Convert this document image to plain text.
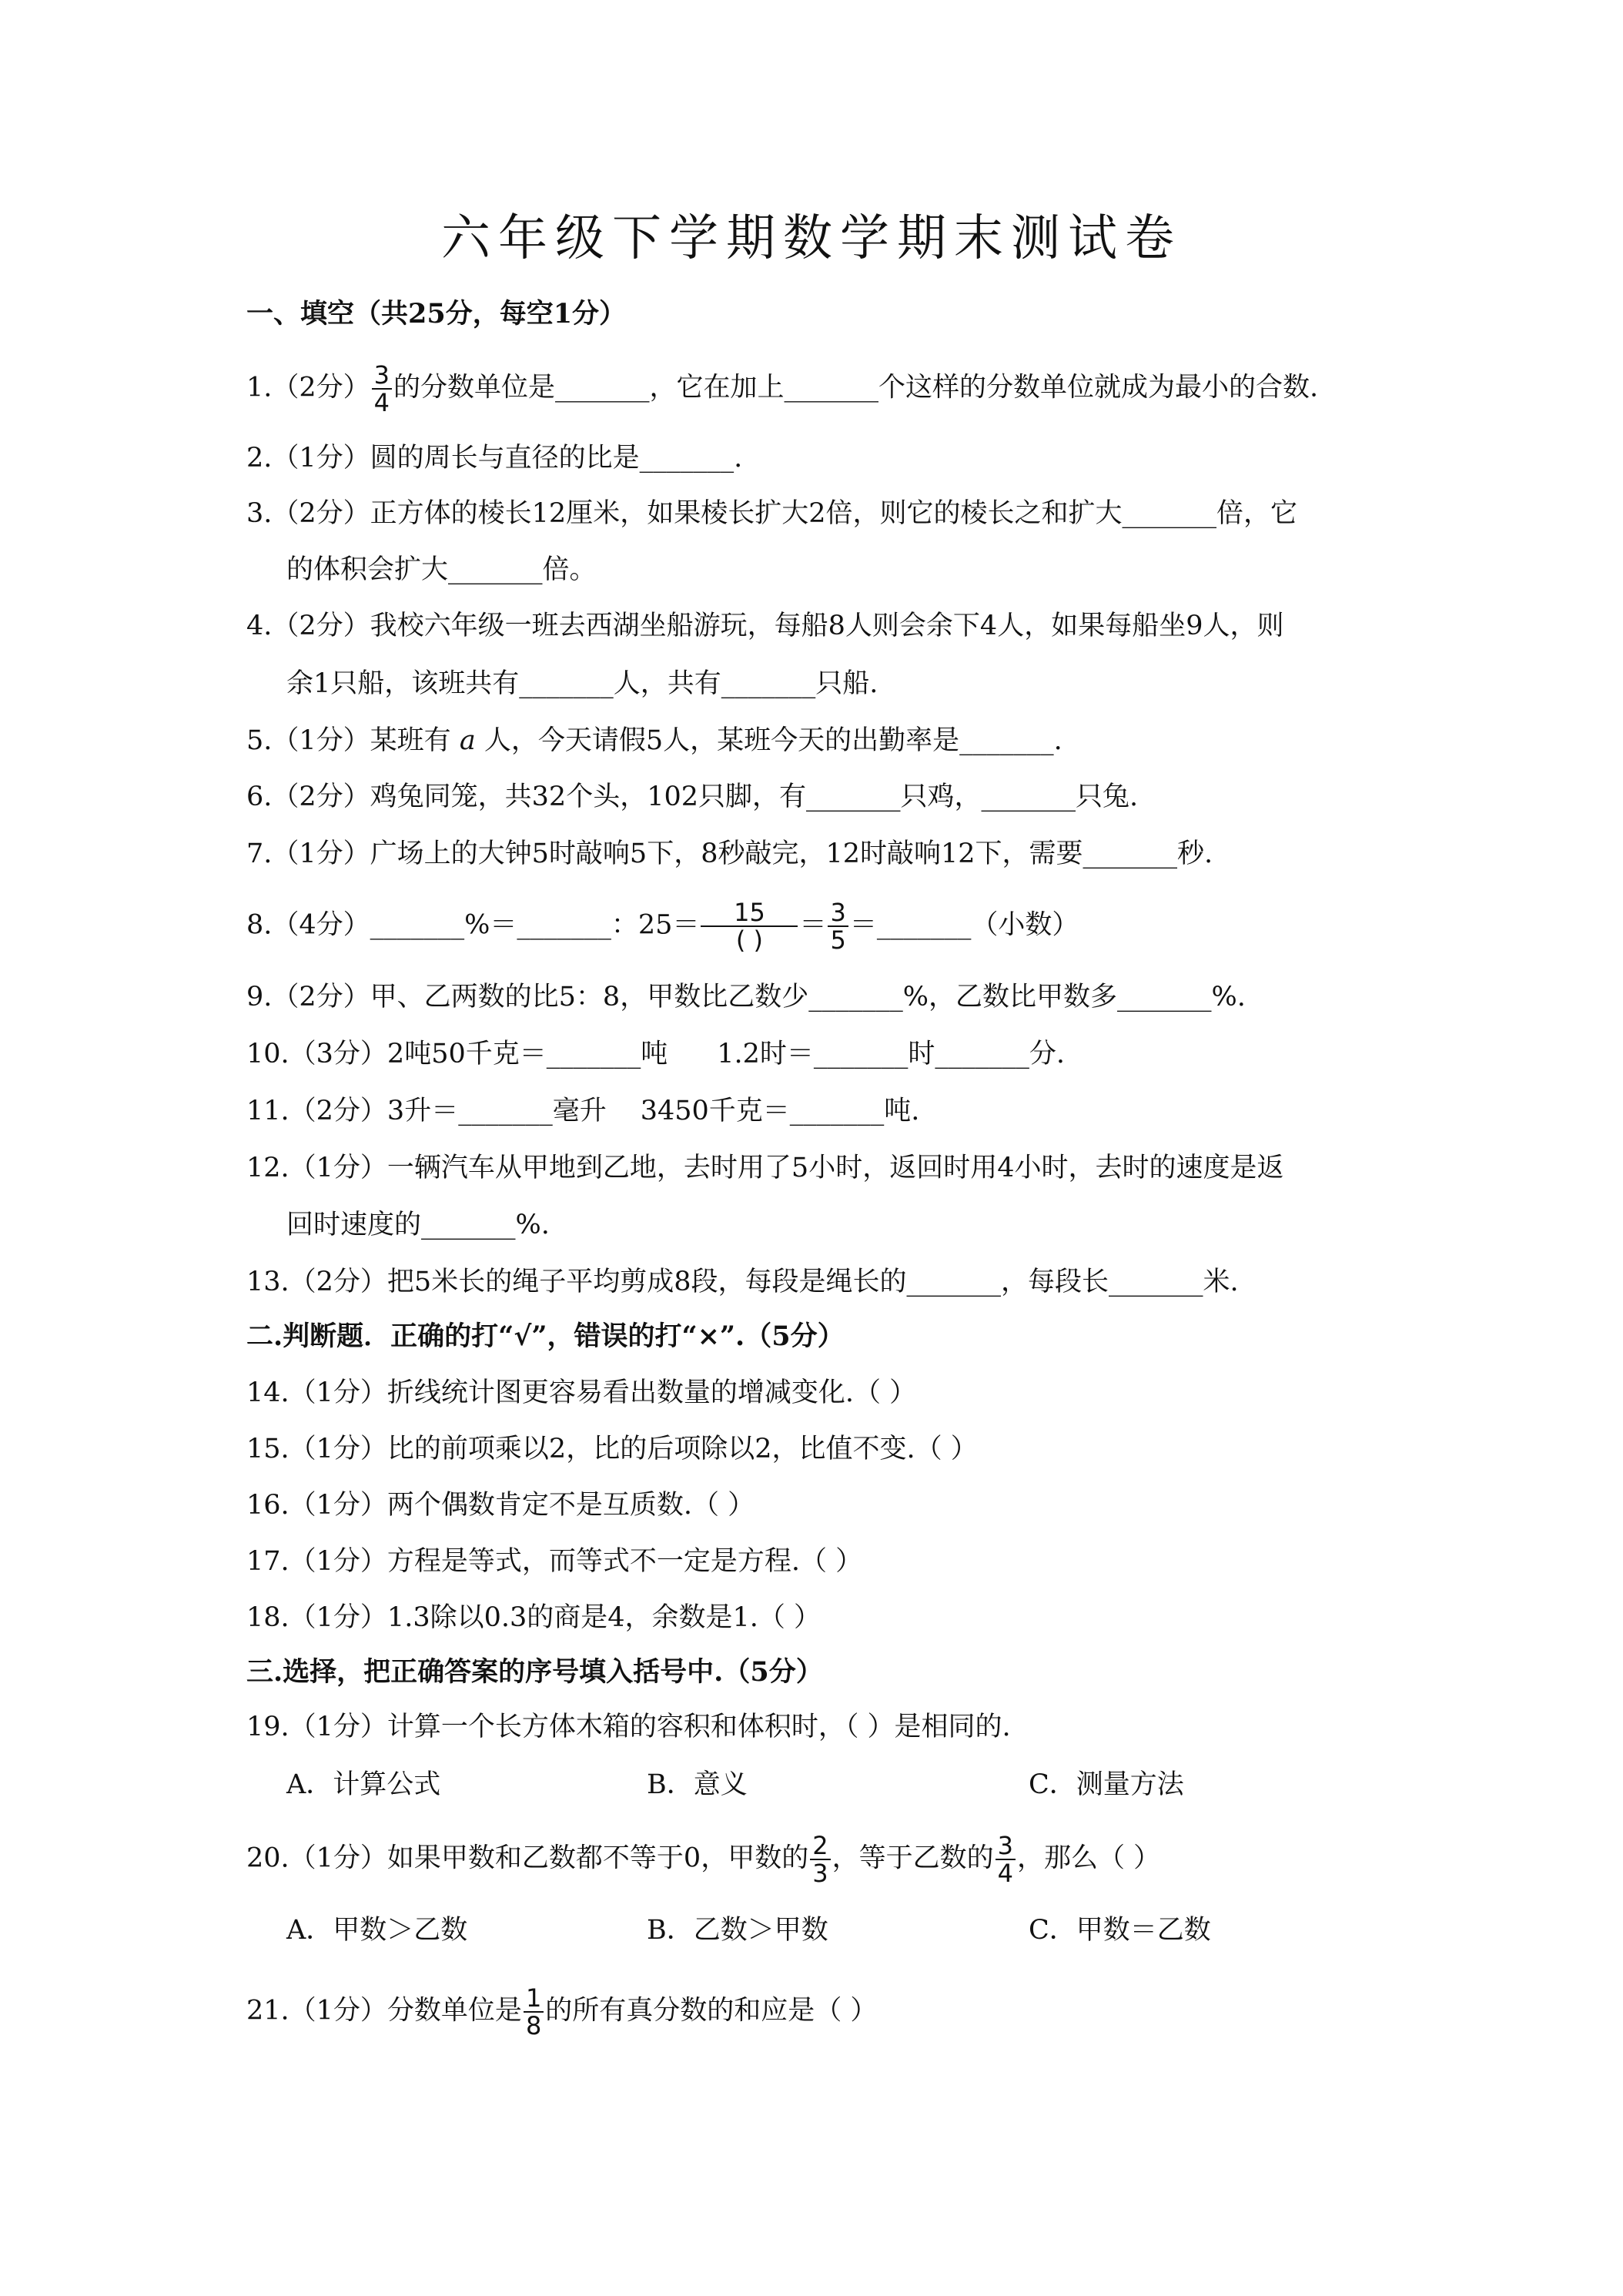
六年级下学期数学期末测试卷
一、填空（共25分，每空1分）
1.（2分） $\frac{3}{4}$ 的分数单位是_______，它在加上_______个这样的分数单位就成为最小的合数.
2.（1分）圆的周长与直径的比是_______.
3.（2分）正方体的棱长12厘米，如果棱长扩大2倍，则它的棱长之和扩大_______倍，它
的体积会扩大_______倍。
4.（2分）我校六年级一班去西湖坐船游玩，每船8人则会余下4人，如果每船坐9人，则
余1只船，该班共有_______人，共有_______只船.
5.（1分）某班有 a 人，今天请假5人，某班今天的出勤率是_______.
6.（2分）鸡兔同笼，共32个头，102只脚，有_______只鸡，_______只兔.
7.（1分）广场上的大钟5时敲响5下，8秒敲完，12时敲响12下，需要_______秒.
8.（4分）_______%＝_______：$25= \frac{15}{( )} = \frac{3}{5}$ ＝_______（小数）
9.（2分）甲、乙两数的比5：8，甲数比乙数少_______%，乙数比甲数多_______%.
10.（3分）2吨50千克＝_______吨 1.2时＝_______时_______分.
11.（2分）3升＝_______毫升 3450千克＝_______吨.
12.（1分）一辆汽车从甲地到乙地，去时用了5小时，返回时用4小时，去时的速度是返
回时速度的_______%.
13.（2分）把5米长的绳子平均剪成8段，每段是绳长的_______，每段长_______米.
二.判断题．正确的打“√”，错误的打“×”.（5分）
14.（1分）折线统计图更容易看出数量的增减变化.（ ）
15.（1分）比的前项乘以2，比的后项除以2，比值不变.（ ）
16.（1分）两个偶数肯定不是互质数.（ ）
17.（1分）方程是等式，而等式不一定是方程.（ ）
18.（1分）1.3除以0.3的商是4，余数是1.（ ）
三.选择，把正确答案的序号填入括号中.（5分）
19.（1分）计算一个长方体木箱的容积和体积时，（ ）是相同的.
A．计算公式	B．意义	C．测量方法
20.（1分）如果甲数和乙数都不等于0，甲数的 $\frac{2}{3}$ ，等于乙数的 $\frac{3}{4}$ ，那么（ ）
A．甲数＞乙数	B．乙数＞甲数	C．甲数＝乙数
21.（1分）分数单位是 $\frac{1}{8}$ 的所有真分数的和应是（ ）
